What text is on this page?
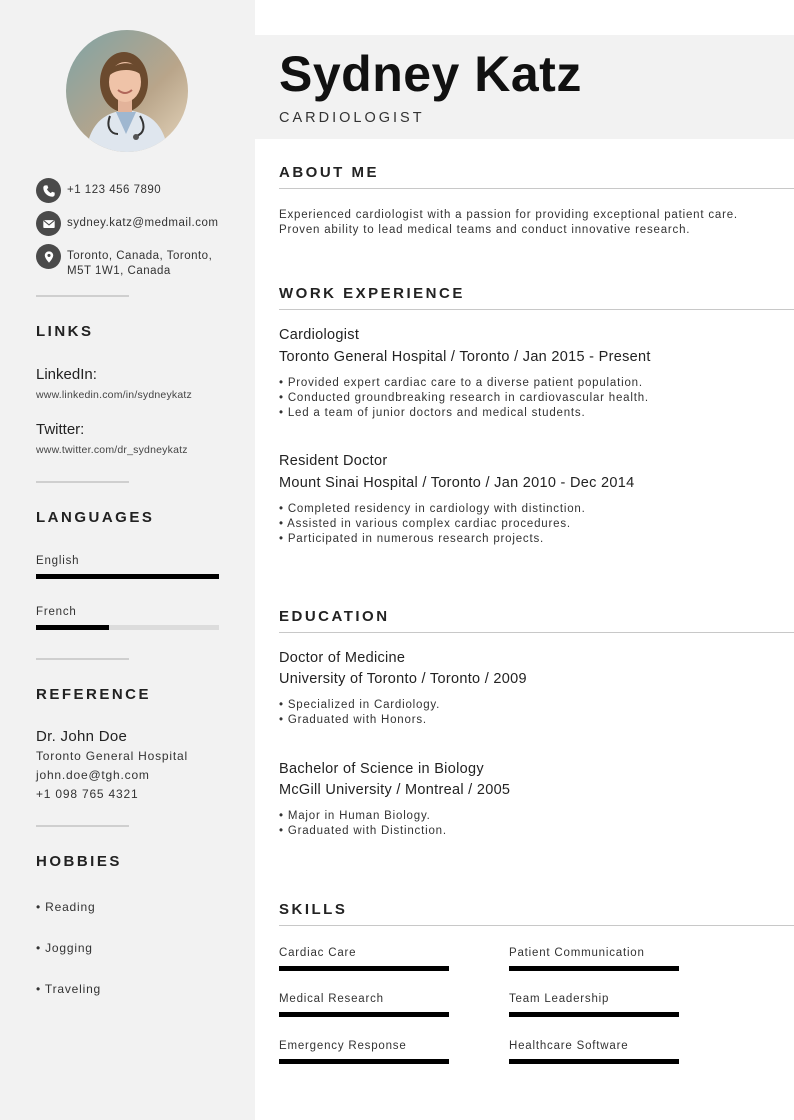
+1 123 456 7890
sydney.katz@medmail.com
Toronto, Canada, Toronto,
M5T 1W1, Canada
LINKS
LinkedIn:
www.linkedin.com/in/sydneykatz
Twitter:
www.twitter.com/dr_sydneykatz
LANGUAGES
English
French
REFERENCE
Dr. John Doe
Toronto General Hospital
john.doe@tgh.com
+1 098 765 4321
HOBBIES
• Reading
• Jogging
• Traveling
Sydney Katz
CARDIOLOGIST
ABOUT ME
Experienced cardiologist with a passion for providing exceptional patient care.
Proven ability to lead medical teams and conduct innovative research.
WORK EXPERIENCE
Cardiologist
Toronto General Hospital / Toronto / Jan 2015 - Present
• Provided expert cardiac care to a diverse patient population.
• Conducted groundbreaking research in cardiovascular health.
• Led a team of junior doctors and medical students.
Resident Doctor
Mount Sinai Hospital / Toronto / Jan 2010 - Dec 2014
• Completed residency in cardiology with distinction.
• Assisted in various complex cardiac procedures.
• Participated in numerous research projects.
EDUCATION
Doctor of Medicine
University of Toronto / Toronto / 2009
• Specialized in Cardiology.
• Graduated with Honors.
Bachelor of Science in Biology
McGill University / Montreal / 2005
• Major in Human Biology.
• Graduated with Distinction.
SKILLS
Cardiac Care	Patient Communication
Medical Research	Team Leadership
Emergency Response	Healthcare Software
